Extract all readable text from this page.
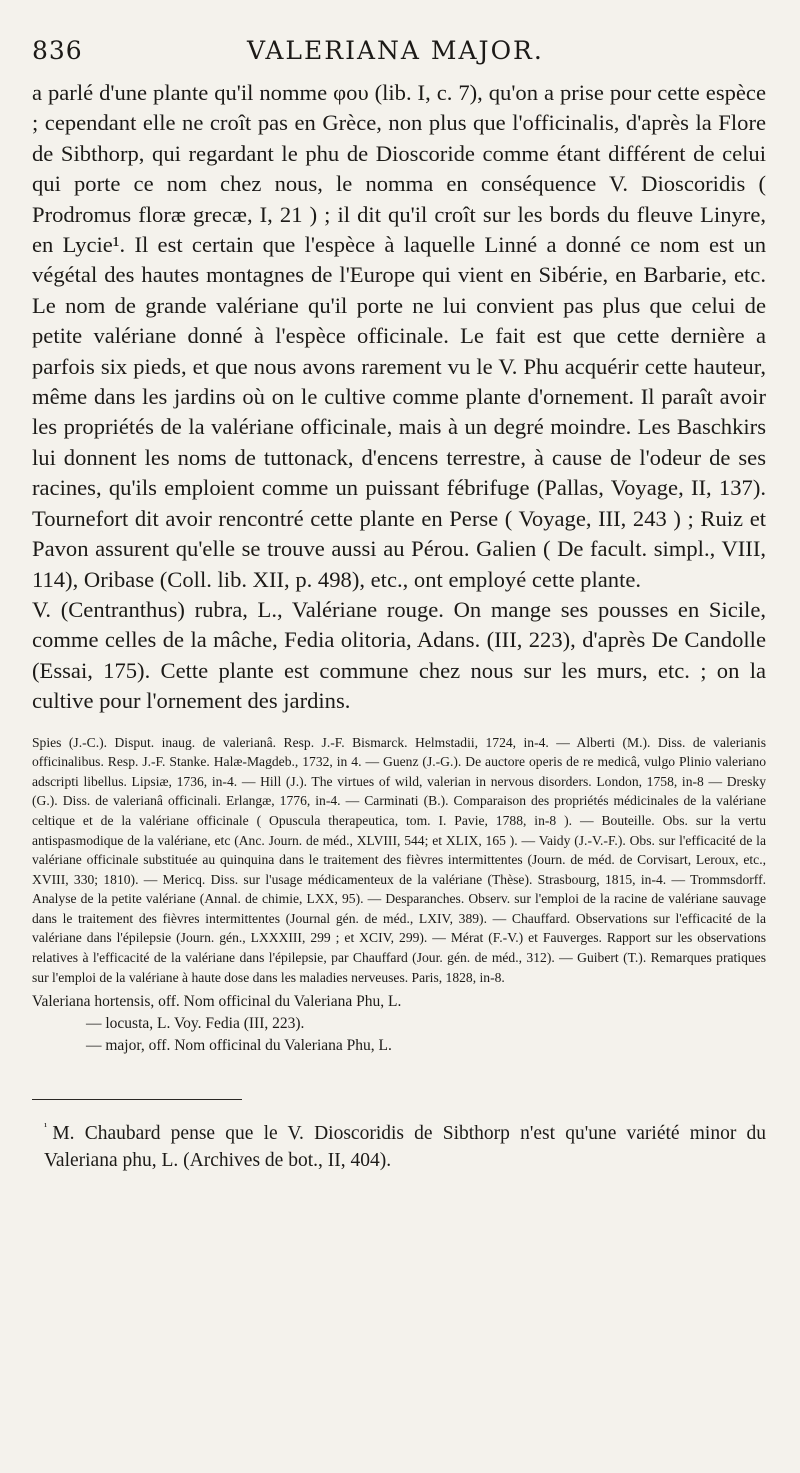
836	VALERIANA MAJOR.

a parlé d'une plante qu'il nomme φου (lib. I, c. 7), qu'on a prise pour cette espèce ; cependant elle ne croît pas en Grèce, non plus que l'officinalis, d'après la Flore de Sibthorp, qui regardant le phu de Dioscoride comme étant différent de celui qui porte ce nom chez nous, le nomma en conséquence V. Dioscoridis ( Prodromus floræ grecæ, I, 21 ) ; il dit qu'il croît sur les bords du fleuve Linyre, en Lycie¹. Il est certain que l'espèce à laquelle Linné a donné ce nom est un végétal des hautes montagnes de l'Europe qui vient en Sibérie, en Barbarie, etc. Le nom de grande valériane qu'il porte ne lui convient pas plus que celui de petite valériane donné à l'espèce officinale. Le fait est que cette dernière a parfois six pieds, et que nous avons rarement vu le V. Phu acquérir cette hauteur, même dans les jardins où on le cultive comme plante d'ornement. Il paraît avoir les propriétés de la valériane officinale, mais à un degré moindre. Les Baschkirs lui donnent les noms de tuttonack, d'encens terrestre, à cause de l'odeur de ses racines, qu'ils emploient comme un puissant fébrifuge (Pallas, Voyage, II, 137). Tournefort dit avoir rencontré cette plante en Perse ( Voyage, III, 243 ) ; Ruiz et Pavon assurent qu'elle se trouve aussi au Pérou. Galien ( De facult. simpl., VIII, 114), Oribase (Coll. lib. XII, p. 498), etc., ont employé cette plante.

V. (Centranthus) rubra, L., Valériane rouge. On mange ses pousses en Sicile, comme celles de la mâche, Fedia olitoria, Adans. (III, 223), d'après De Candolle (Essai, 175). Cette plante est commune chez nous sur les murs, etc. ; on la cultive pour l'ornement des jardins.

Spies (J.-C.). Disput. inaug. de valerianâ. Resp. J.-F. Bismarck. Helmstadii, 1724, in-4. — Alberti (M.). Diss. de valerianis officinalibus. Resp. J.-F. Stanke. Halæ-Magdeb., 1732, in 4. — Guenz (J.-G.). De auctore operis de re medicâ, vulgo Plinio valeriano adscripti libellus. Lipsiæ, 1736, in-4. — Hill (J.). The virtues of wild, valerian in nervous disorders. London, 1758, in-8 — Dresky (G.). Diss. de valerianâ officinali. Erlangæ, 1776, in-4. — Carminati (B.). Comparaison des propriétés médicinales de la valériane celtique et de la valériane officinale ( Opuscula therapeutica, tom. I. Pavie, 1788, in-8 ). — Bouteille. Obs. sur la vertu antispasmodique de la valériane, etc (Anc. Journ. de méd., XLVIII, 544; et XLIX, 165 ). — Vaidy (J.-V.-F.). Obs. sur l'efficacité de la valériane officinale substituée au quinquina dans le traitement des fièvres intermittentes (Journ. de méd. de Corvisart, Leroux, etc., XVIII, 330; 1810). — Mericq. Diss. sur l'usage médicamenteux de la valériane (Thèse). Strasbourg, 1815, in-4. — Trommsdorff. Analyse de la petite valériane (Annal. de chimie, LXX, 95). — Desparanches. Observ. sur l'emploi de la racine de valériane sauvage dans le traitement des fièvres intermittentes (Journal gén. de méd., LXIV, 389). — Chauffard. Observations sur l'efficacité de la valériane dans l'épilepsie (Journ. gén., LXXXIII, 299 ; et XCIV, 299). — Mérat (F.-V.) et Fauverges. Rapport sur les observations relatives à l'efficacité de la valériane dans l'épilepsie, par Chauffard (Jour. gén. de méd., 312). — Guibert (T.). Remarques pratiques sur l'emploi de la valériane à haute dose dans les maladies nerveuses. Paris, 1828, in-8.
Valeriana hortensis, off. Nom officinal du Valeriana Phu, L.
— locusta, L. Voy. Fedia (III, 223).
— major, off. Nom officinal du Valeriana Phu, L.
$^{^1}$ M. Chaubard pense que le V. Dioscoridis de Sibthorp n'est qu'une variété minor du Valeriana phu, L. (Archives de bot., II, 404).
